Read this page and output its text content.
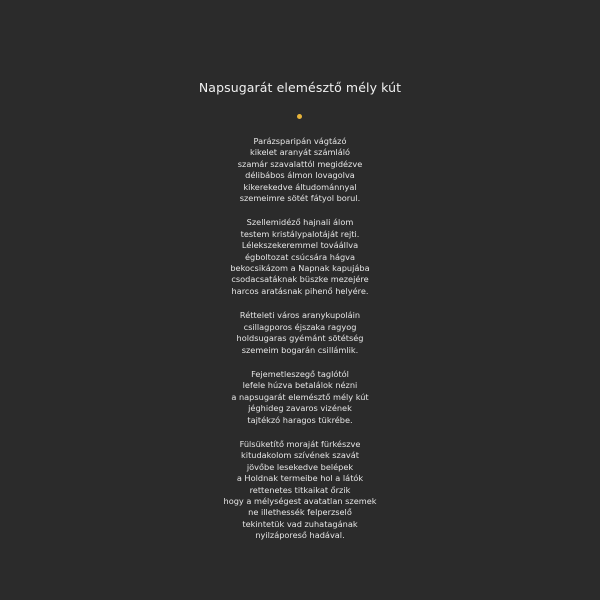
Napsugarát elemésztő mély kút
Parázsparipán vágtázó
kikelet aranyát számláló
szamár szavalattól megidézve
délibábos álmon lovagolva
kikerekedve áltudománnyal
szemeimre sötét fátyol borul.
Szellemidéző hajnali álom
testem kristálypalotáját rejti.
Lélekszekeremmel továállva
égboltozat csúcsára hágva
bekocsikázom a Napnak kapujába
csodacsatáknak büszke mezejére
harcos aratásnak pihenő helyére.
Rétteleti város aranykupoláin
csillagporos éjszaka ragyog
holdsugaras gyémánt sötétség
szemeim bogarán csillámlik.
Fejemetleszegő taglótól
lefele húzva betalálok nézni
a napsugarát elemésztő mély kút
jéghideg zavaros vizének
tajtékzó haragos tükrébe.
Fülsüketítő moraját fürkészve
kitudakolom szívének szavát
jövőbe lesekedve belépek
a Holdnak termeibe hol a látók
rettenetes titkaikat őrzik
hogy a mélységest avatatlan szemek
ne illethessék felperzselő
tekintetük vad zuhatagának
nyilzáporeső hadával.
